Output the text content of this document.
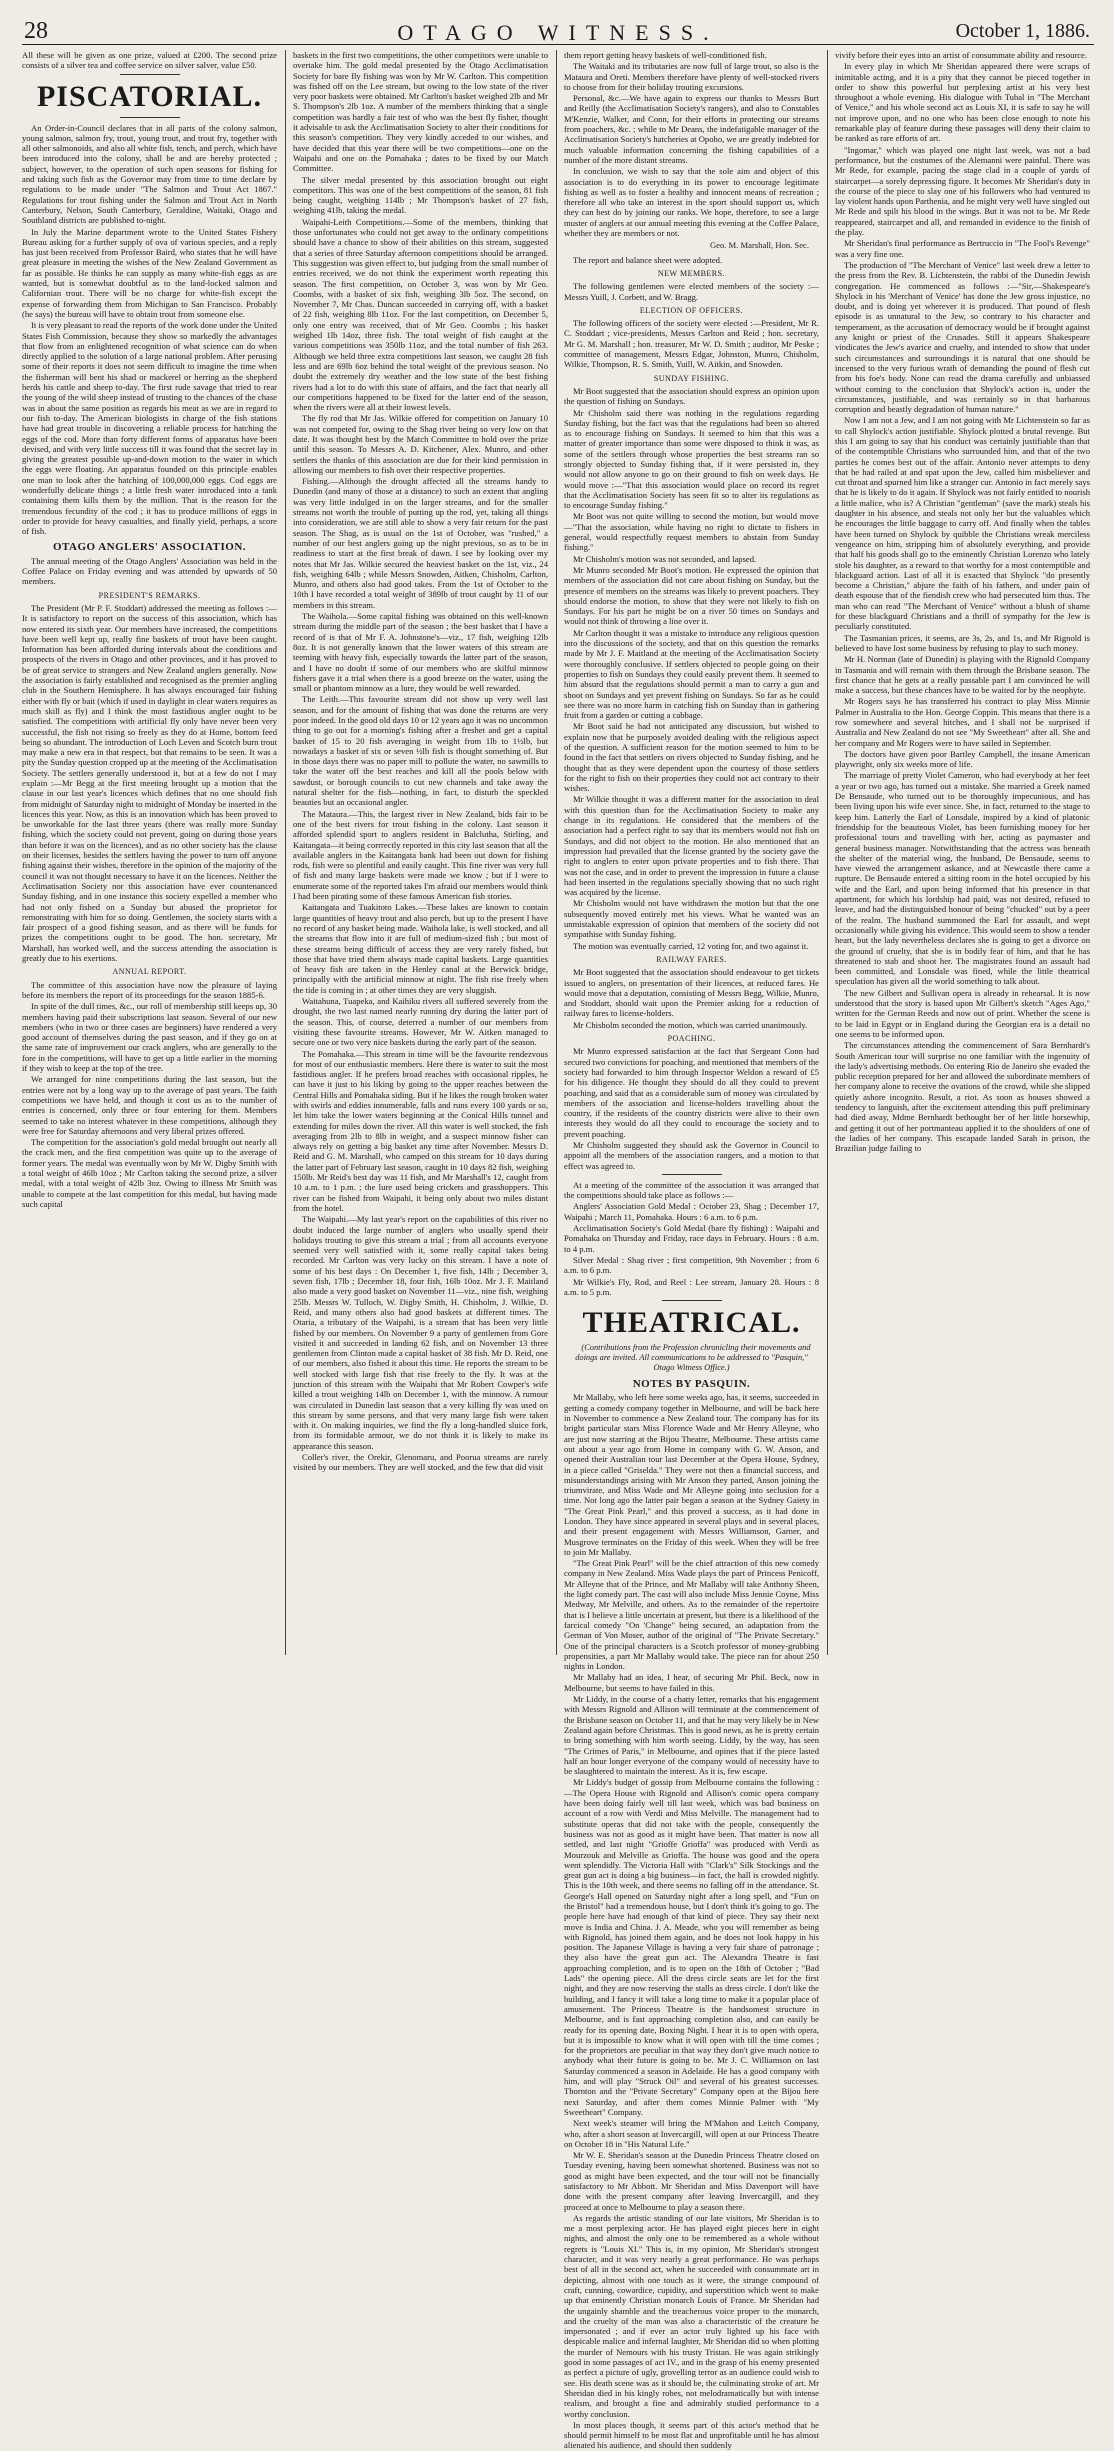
28	OTAGO WITNESS.	October 1, 1886.

All these will be given as one prize, valued at £200. The second prize consists of a silver tea and coffee service on silver salver, value £50.

PISCATORIAL.

An Order-in-Council declares that in all parts of the colony salmon, young salmon, salmon fry, trout, young trout, and trout fry, together with all other salmonoids, and also all white fish, tench, and perch, which have been introduced into the colony, shall be and are hereby protected ; subject, however, to the operation of such open seasons for fishing for and taking such fish as the Governor may from time to time declare by regulations to be made under "The Salmon and Trout Act 1867." Regulations for trout fishing under the Salmon and Trout Act in North Canterbury, Nelson, South Canterbury, Geraldine, Waitaki, Otago and Southland districts are published to-night.

In July the Marine department wrote to the United States Fishery Bureau asking for a further supply of ova of various species, and a reply has just been received from Professor Baird, who states that he will have great pleasure in meeting the wishes of the New Zealand Government as far as possible. He thinks he can supply as many white-fish eggs as are wanted, but is somewhat doubtful as to the land-locked salmon and Californian trout. There will be no charge for white-fish except the expense of forwarding them from Michigan to San Francisco. Probably (he says) the bureau will have to obtain trout from someone else.

It is very pleasant to read the reports of the work done under the United States Fish Commission, because they show so markedly the advantages that flow from an enlightened recognition of what science can do when directly applied to the solution of a large national problem. After perusing some of their reports it does not seem difficult to imagine the time when the fisherman will bent his shad or mackerel or herring as the shepherd herds his cattle and sheep to-day. The first rude savage that tried to rear the young of the wild sheep instead of trusting to the chances of the chase was in about the same position as regards his meat as we are in regard to our fish to-day. The American biologists in charge of the fish stations have had great trouble in discovering a reliable process for hatching the eggs of the cod. More than forty different forms of apparatus have been devised, and with very little success till it was found that the secret lay in giving the greatest possible up-and-down motion to the water in which the eggs were floating. An apparatus founded on this principle enables one man to look after the hatching of 100,000,000 eggs. Cod eggs are wonderfully delicate things ; a little fresh water introduced into a tank containing them kills them by the million. That is the reason for the tremendous fecundity of the cod ; it has to produce millions of eggs in order to provide for heavy casualties, and finally yield, perhaps, a score of fish.

OTAGO ANGLERS' ASSOCIATION.

The annual meeting of the Otago Anglers' Association was held in the Coffee Palace on Friday evening and was attended by upwards of 50 members.

PRESIDENT'S REMARKS.

The President (Mr P. F. Stoddart) addressed the meeting as follows :—It is satisfactory to report on the success of this association, which has now entered its sixth year. Our members have increased, the competitions have been well kept up, really fine baskets of trout have been caught. Information has been afforded during intervals about the conditions and prospects of the rivers in Otago and other provinces, and it has proved to be of great service to strangers and New Zealand anglers generally. Now the association is fairly established and recognised as the premier angling club in the Southern Hemisphere. It has always encouraged fair fishing either with fly or bait (which if used in daylight in clear waters requires as much skill as fly) and I think the most fastidious angler ought to be satisfied. The competitions with artificial fly only have never been very successful, the fish not rising so freely as they do at Home, bottom feed being so abundant. The introduction of Loch Leven and Scotch burn trout may make a new era in that respect, but that remains to be seen. It was a pity the Sunday question cropped up at the meeting of the Acclimatisation Society. The settlers generally understood it, but at a few do not I may explain :—Mr Begg at the first meeting brought up a motion that the clause in our last year's licences which defines that no one should fish from midnight of Saturday night to midnight of Monday be inserted in the licences this year. Now, as this is an innovation which has been proved to be unworkable for the last three years (there was really more Sunday fishing, which the society could not prevent, going on during those years than before it was on the licences), and as no other society has the clause on their licenses, besides the settlers having the power to turn off anyone fishing against their wishes, therefore in the opinion of the majority of the council it was not thought necessary to have it on the licences. Neither the Acclimatisation Society nor this association have ever countenanced Sunday fishing, and in one instance this society expelled a member who had not only fished on a Sunday but abused the proprietor for remonstrating with him for so doing. Gentlemen, the society starts with a fair prospect of a good fishing season, and as there will be funds for prizes the competitions ought to be good. The hon. secretary, Mr Marshall, has worked well, and the success attending the association is greatly due to his exertions.

ANNUAL REPORT.

The committee of this association have now the pleasure of laying before its members the report of its proceedings for the season 1885-6.

In spite of the dull times, &c., our roll of membership still keeps up, 30 members having paid their subscriptions last season. Several of our new members (who in two or three cases are beginners) have rendered a very good account of themselves during the past season, and if they go on at the same rate of improvement our crack anglers, who are generally to the fore in the competitions, will have to get up a little earlier in the morning if they wish to keep at the top of the tree.

We arranged for nine competitions during the last season, but the entries were not by a long way up to the average of past years. The faith competitions we have held, and though it cost us as to the number of entries is concerned, only three or four entering for them. Members seemed to take no interest whatever in these competitions, although they were free for Saturday afternoons and very liberal prizes offered.

The competition for the association's gold medal brought out nearly all the crack men, and the first competition was quite up to the average of former years. The medal was eventually won by Mr W. Digby Smith with a total weight of 46lb 10oz ; Mr Carlton taking the second prize, a silver medal, with a total weight of 42lb 3oz. Owing to illness Mr Smith was unable to compete at the last competition for this medal, but having made such capital

baskets in the first two competitions, the other competitors were unable to overtake him. The gold medal presented by the Otago Acclimatisation Society for bare fly fishing was won by Mr W. Carlton. This competition was fished off on the Lee stream, but owing to the low state of the river very poor baskets were obtained. Mr Carlton's basket weighed 2lb and Mr S. Thompson's 2lb 1oz. A number of the members thinking that a single competition was hardly a fair test of who was the best fly fisher, thought it advisable to ask the Acclimatisation Society to alter their conditions for this season's competition. They very kindly acceded to our wishes, and have decided that this year there will be two competitions—one on the Waipahi and one on the Pomahaka ; dates to be fixed by our Match Committee.

The silver medal presented by this association brought out eight competitors. This was one of the best competitions of the season, 81 fish being caught, weighing 114lb ; Mr Thompson's basket of 27 fish, weighing 41lb, taking the medal.

Waipahi-Leith Competitions.—Some of the members, thinking that those unfortunates who could not get away to the ordinary competitions should have a chance to show of their abilities on this stream, suggested that a series of three Saturday afternoon competitions should be arranged. This suggestion was given effect to, but judging from the small number of entries received, we do not think the experiment worth repeating this season. The first competition, on October 3, was won by Mr Geo. Coombs, with a basket of six fish, weighing 3lb 5oz. The second, on November 7, Mr Chas. Duncan succeeded in carrying off, with a basket of 22 fish, weighing 8lb 11oz. For the last competition, on December 5, only one entry was received, that of Mr Geo. Coombs ; his basket weighed 1lb 14oz, three fish. The total weight of fish caught at the various competitions was 350lb 11oz, and the total number of fish 263. Although we held three extra competitions last season, we caught 28 fish less and are 69lb 6oz behind the total weight of the previous season. No doubt the extremely dry weather and the low state of the best fishing rivers had a lot to do with this state of affairs, and the fact that nearly all our competitions happened to be fixed for the latter end of the season, when the rivers were all at their lowest levels.

The fly rod that Mr Jas. Wilkie offered for competition on January 10 was not competed for, owing to the Shag river being so very low on that date. It was thought best by the Match Committee to hold over the prize until this season. To Messrs A. D. Kitchener, Alex. Munro, and other settlers the thanks of this association are due for their kind permission in allowing our members to fish over their respective properties.

Fishing.—Although the drought affected all the streams handy to Dunedin (and many of those at a distance) to such an extent that angling was very little indulged in on the larger streams, and for the smaller streams not worth the trouble of putting up the rod, yet, taking all things into consideration, we are still able to show a very fair return for the past season. The Shag, as is usual on the 1st of October, was "rushed," a number of our best anglers going up the night previous, so as to be in readiness to start at the first break of dawn. I see by looking over my notes that Mr Jas. Wilkie secured the heaviest basket on the 1st, viz., 24 fish, weighing 64lb ; while Messrs Snowden, Aitken, Chisholm, Carlton, Munro, and others also had good takes. From the 1st of October to the 10th I have recorded a total weight of 389lb of trout caught by 11 of our members in this stream.

The Waihola.—Some capital fishing was obtained on this well-known stream during the middle part of the season ; the best basket that I have a record of is that of Mr F. A. Johnstone's—viz., 17 fish, weighing 12lb 8oz. It is not generally known that the lower waters of this stream are teeming with heavy fish, especially towards the latter part of the season, and I have no doubt if some of our members who are skilful minnow fishers gave it a trial when there is a good breeze on the water, using the small or phantom minnow as a lure, they would be well rewarded.

The Leith.—This favourite stream did not show up very well last season, and for the amount of fishing that was done the returns are very poor indeed. In the good old days 10 or 12 years ago it was no uncommon thing to go out for a morning's fishing after a freshet and get a capital basket of 15 to 20 fish averaging in weight from 1lb to 1½lb, but nowadays a basket of six or seven ½lb fish is thought something of. But in those days there was no paper mill to pollute the water, no sawmills to take the water off the best reaches and kill all the pools below with sawdust, or borough councils to cut new channels and take away the natural shelter for the fish—nothing, in fact, to disturb the speckled beauties but an occasional angler.

The Mataura.—This, the largest river in New Zealand, bids fair to be one of the best rivers for trout fishing in the colony. Last season it afforded splendid sport to anglers resident in Balclutha, Stirling, and Kaitangata—it being corrrectly reported in this city last season that all the available anglers in the Kaitangata bank had been out down for fishing rods, fish were so plentiful and easily caught. This fine river was very full of fish and many large baskets were made we know ; but if I were to enumerate some of the reported takes I'm afraid our members would think I had been pirating some of these famous American fish stories.

Kaitangata and Tuakitoto Lakes.—These lakes are known to contain large quantities of heavy trout and also perch, but up to the present I have no record of any basket being made. Waihola lake, is well stocked, and all the streams that flow into it are full of medium-sized fish ; but most of these streams being difficult of access they are very rarely fished, but those that have tried them always made capital baskets. Large quantities of heavy fish are taken in the Henley canal at the Berwick bridge, principally with the artificial minnow at night. The fish rise freely when the tide is coming in ; at other times they are very sluggish.

Waitahuna, Tuapeka, and Kaihiku rivers all suffered severely from the drought, the two last named nearly running dry during the latter part of the season. This, of course, deterred a number of our members from visiting these favourite streams. However, Mr W. Aitken managed to secure one or two very nice baskets during the early part of the season.

The Pomahaka.—This stream in time will be the favourite rendezvous for most of our enthusiastic members. Here there is water to suit the most fastidious angler. If he prefers broad reaches with occasional ripples, he can have it just to his liking by going to the upper reaches between the Central Hills and Pomahaka siding. But if he likes the rough broken water with swirls and eddies innumerable, falls and runs every 100 yards or so, let him take the lower waters beginning at the Conical Hills tunnel and extending for miles down the river. All this water is well stocked, the fish averaging from 2lb to 8lb in weight, and a suspect minnow fisher can always rely on getting a big basket any time after November. Messrs D. Reid and G. M. Marshall, who camped on this stream for 10 days during the latter part of February last season, caught in 10 days 82 fish, weighing 150lb. Mr Reid's best day was 11 fish, and Mr Marshall's 12, caught from 10 a.m. to 1 p.m. ; the lure used being crickets and grasshoppers. This river can be fished from Waipahi, it being only about two miles distant from the hotel.

The Waipahi.—My last year's report on the capabilities of this river no doubt induced the large number of anglers who usually spend their holidays trouting to give this stream a trial ; from all accounts everyone seemed very well satisfied with it, some really capital takes being recorded. Mr Carlton was very lucky on this stream. I have a note of some of his best days : On December 1, five fish, 14lb ; December 3, seven fish, 17lb ; December 18, four fish, 16lb 10oz. Mr J. F. Maitland also made a very good basket on November 11—viz., nine fish, weighing 25lb. Messrs W. Tulloch, W. Digby Smith, H. Chisholm, J. Wilkie, D. Reid, and many others also had good baskets at different times. The Otaria, a tributary of the Waipahi, is a stream that has been very little fished by our members. On November 9 a party of gentlemen from Gore visited it and succeeded in landing 62 fish, and on November 13 three gentlemen from Clinton made a capital basket of 38 fish. Mr D. Reid, one of our members, also fished it about this time. He reports the stream to be well stocked with large fish that rise freely to the fly. It was at the junction of this stream with the Waipahi that Mr Robert Cowper's wife killed a trout weighing 14lb on December 1, with the minnow. A rumour was circulated in Dunedin last season that a very killing fly was used on this stream by some persons, and that very many large fish were taken with it. On making inquiries, we find the fly a long-handled sluice fork, from its formidable armour, we do not think it is likely to make its appearance this season.

Coller's river, the Orekir, Glenomaru, and Poorua streams are rarely visited by our members. They are well stocked, and the few that did visit

them report getting heavy baskets of well-conditioned fish.

The Waitaki and its tributaries are now full of large trout, so also is the Mataura and Oreti. Members therefore have plenty of well-stocked rivers to choose from for their holiday trouting excursions.

Personal, &c.—We have again to express our thanks to Messrs Burt and Reilly (the Acclimatisation Society's rangers), and also to Constables M'Kenzie, Walker, and Conn, for their efforts in protecting our streams from poachers, &c. ; while to Mr Deans, the indefatigable manager of the Acclimatisation Society's hatcheries at Opoho, we are greatly indebted for much valuable information concerning the fishing capabilities of a number of the more distant streams.

In conclusion, we wish to say that the sole aim and object of this association is to do everything in its power to encourage legitimate fishing as well as to foster a healthy and innocent means of recreation ; therefore all who take an interest in the sport should support us, which they can best do by joining our ranks. We hope, therefore, to see a large muster of anglers at our annual meeting this evening at the Coffee Palace, whether they are members or not.

Geo. M. Marshall, Hon. Sec.

The report and balance sheet were adopted.

NEW MEMBERS.

The following gentlemen were elected members of the society :—Messrs Yuill, J. Corbett, and W. Bragg.

ELECTION OF OFFICERS.

The following officers of the society were elected :—President, Mr R. C. Stoddart ; vice-presidents, Messrs Carlton and Reid ; hon. secretary, Mr G. M. Marshall ; hon. treasurer, Mr W. D. Smith ; auditor, Mr Peske ; committee of management, Messrs Edgar, Johnston, Munro, Chisholm, Wilkie, Thompson, R. S. Smith, Yuill, W. Aitkin, and Snowden.

SUNDAY FISHING.

Mr Boot suggested that the association should express an opinion upon the question of fishing on Sundays.

Mr Chisholm said there was nothing in the regulations regarding Sunday fishing, but the fact was that the regulations had been so altered as to encourage fishing on Sundays. It seemed to him that this was a matter of greater importance than some were disposed to think it was, as some of the settlers through whose properties the best streams ran so strongly objected to Sunday fishing that, if it were persisted in, they would not allow anyone to go on their ground to fish on week days. He would move :—"That this association would place on record its regret that the Acclimatisation Society has seen fit so to alter its regulations as to encourage Sunday fishing."

Mr Boot was not quite willing to second the motion, but would move—"That the association, while having no right to dictate to fishers in general, would respectfully request members to abstain from Sunday fishing."

Mr Chisholm's motion was not seconded, and lapsed.

Mr Munro seconded Mr Boot's motion. He expressed the opinion that members of the association did not care about fishing on Sunday, but the presence of members on the streams was likely to prevent poachers. They should endorse the motion, to show that they were not likely to fish on Sundays. For his part he might be on a river 50 times on Sundays and would not think of throwing a line over it.

Mr Carlton thought it was a mistake to introduce any religious question into the discussions of the society, and that on this question the remarks made by Mr J. F. Maitland at the meeting of the Acclimatisation Society were thoroughly conclusive. If settlers objected to people going on their properties to fish on Sundays they could easily prevent them. It seemed to him absurd that the regulations should permit a man to carry a gun and shoot on Sundays and yet prevent fishing on Sundays. So far as he could see there was no more harm in catching fish on Sunday than in gathering fruit from a garden or cutting a cabbage.

Mr Boot said he had not anticipated any discussion, but wished to explain now that he purposely avoided dealing with the religious aspect of the question. A sufficient reason for the motion seemed to him to be found in the fact that settlers on rivers objected to Sunday fishing, and he thought that as they were dependent upon the courtesy of those settlers for the right to fish on their properties they could not act contrary to their wishes.

Mr Wilkie thought it was a different matter for the association to deal with this question than for the Acclimatisation Society to make any change in its regulations. He considered that the members of the association had a perfect right to say that its members would not fish on Sundays, and did not object to the motion. He also mentioned that an impression had prevailed that the license granted by the society gave the right to anglers to enter upon private properties and to fish there. That was not the case, and in order to prevent the impression in future a clause had been inserted in the regulations specially showing that no such right was acquired by the license.

Mr Chisholm would not have withdrawn the motion but that the one subsequently moved entirely met his views. What he wanted was an unmistakable expression of opinion that members of the society did not sympathise with Sunday fishing.

The motion was eventually carried, 12 voting for, and two against it.

RAILWAY FARES.

Mr Boot suggested that the association should endeavour to get tickets issued to anglers, on presentation of their licences, at reduced fares. He would move that a deputation, consisting of Messrs Begg, Wilkie, Munro, and Stoddart, should wait upon the Premier asking for a reduction of railway fares to license-holders.

Mr Chisholm seconded the motion, which was carried unanimously.

POACHING.

Mr Munro expressed satisfaction at the fact that Sergeant Conn had secured two convictions for poaching, and mentioned that members of the society had forwarded to him through Inspector Weldon a reward of £5 for his diligence. He thought they should do all they could to prevent poaching, and said that as a considerable sum of money was circulated by members of the association and license-holders travelling about the country, if the residents of the country districts were alive to their own interests they would do all they could to encourage the society and to prevent poaching.

Mr Chisholm suggested they should ask the Governor in Council to appoint all the members of the association rangers, and a motion to that effect was agreed to.

At a meeting of the committee of the association it was arranged that the competitions should take place as follows :—

Anglers' Association Gold Medal : October 23, Shag ; December 17, Waipahi ; March 11, Pomahaka. Hours : 6 a.m. to 6 p.m.

Acclimatisation Society's Gold Medal (bare fly fishing) : Waipahi and Pomahaka on Thursday and Friday, race days in February. Hours : 8 a.m. to 4 p.m.

Silver Medal : Shag river ; first competition, 9th November ; from 6 a.m. to 6 p.m.

Mr Wilkie's Fly, Rod, and Reel : Lee stream, January 28. Hours : 8 a.m. to 5 p.m.

THEATRICAL.

(Contributions from the Profession chronicling their movements and doings are invited. All communications to be addressed to "Pasquin," Otago Witness Office.)

NOTES BY PASQUIN.

Mr Mallaby, who left here some weeks ago, has, it seems, succeeded in getting a comedy company together in Melbourne, and will be back here in November to commence a New Zealand tour. The company has for its bright particular stars Miss Florence Wade and Mr Henry Alleyne, who are just now starring at the Bijou Theatre, Melbourne. These artists came out about a year ago from Home in company with G. W. Anson, and opened their Australian tour last December at the Opera House, Sydney, in a piece called "Griselda." They were not then a financial success, and misunderstandings arising with Mr Anson they parted, Anson joining the triumvirate, and Miss Wade and Mr Alleyne going into seclusion for a time. Not long ago the latter pair began a season at the Sydney Gaiety in "The Great Pink Pearl," and this proved a success, as it had done in London. They have since appeared in several plays and in several places, and their present engagement with Messrs Williamson, Garner, and Musgrove terminates on the Friday of this week. When they will be free to join Mr Mallaby.

"The Great Pink Pearl" will be the chief attraction of this new comedy company in New Zealand. Miss Wade plays the part of Princess Penicoff, Mr Alleyne that of the Prince, and Mr Mallaby will take Anthony Sheen, the light comedy part. The cast will also include Miss Jennie Coyne, Miss Medway, Mr Melville, and others. As to the remainder of the repertoire that is I believe a little uncertain at present, but there is a likelihood of the farcical comedy "On 'Change" being secured, an adaptation from the German of Von Moser, author of the original of "The Private Secretary." One of the principal characters is a Scotch professor of money-grubbing propensities, a part Mr Mallaby would take. The piece ran for about 250 nights in London.

Mr Mallaby had an idea, I hear, of securing Mr Phil. Beck, now in Melbourne, but seems to have failed in this.

Mr Liddy, in the course of a chatty letter, remarks that his engagement with Messrs Rignold and Allison will terminate at the commencement of the Brisbane season on October 11, and that he may very likely be in New Zealand again before Christmas. This is good news, as he is pretty certain to bring something with him worth seeing. Liddy, by the way, has seen "The Crimes of Paris," in Melbourne, and opines that if the piece lasted half an hour longer everyone of the company would of necessity have to be slaughtered to maintain the interest. As it is, few escape.

Mr Liddy's budget of gossip from Melbourne contains the following :—The Opera House with Rignold and Allison's comic opera company have been doing fairly well till last week, which was bad business on account of a row with Verdi and Miss Melville. The management had to substitute operas that did not take with the people, consequently the business was not as good as it might have been. That matter is now all settled, and last night "Grioffe Grioffa" was produced with Verdi as Mourzouk and Melville as Grioffa. The house was good and the opera went splendidly. The Victoria Hall with "Clark's" Silk Stockings and the great gun act is doing a big business—in fact, the hall is crowded nightly. This is the 10th week, and there seems no falling off in the attendance. St. George's Hall opened on Saturday night after a long spell, and "Fun on the Bristol" had a tremendous house, but I don't think it's going to go. The people here have had enough of that kind of piece. They say their next move is India and China. J. A. Meade, who you will remember as being with Rignold, has joined them again, and he does not look happy in his position. The Japanese Village is having a very fair share of patronage ; they also have the great gun act. The Alexandra Theatre is fast approaching completion, and is to open on the 18th of October ; "Bad Lads" the opening piece. All the dress circle seats are let for the first night, and they are now reserving the stalls as dress circle. I don't like the building, and I fancy it will take a long time to make it a popular place of amusement. The Princess Theatre is the handsomest structure in Melbourne, and is fast approaching completion also, and can easily be ready for its opening date, Boxing Night. I hear it is to open with opera, but it is impossible to know what it will open with till the time comes ; for the proprietors are peculiar in that way they don't give much notice to anybody what their future is going to be. Mr J. C. Williamson on last Saturday commenced a season in Adelaide. He has a good company with him, and will play "Struck Oil" and several of his greatest successes. Thornton and the "Private Secretary" Company open at the Bijou here next Saturday, and after them comes Minnie Palmer with "My Sweetheart" Company.

Next week's steamer will bring the M'Mahon and Leitch Company, who, after a short season at Invercargill, will open at our Princess Theatre on October 18 in "His Natural Life."

Mr W. E. Sheridan's season at the Dunedin Princess Theatre closed on Tuesday evening, having been somewhat shortened. Business was not so good as might have been expected, and the tour will not be financially satisfactory to Mr Abbott. Mr Sheridan and Miss Davenport will have done with the present company after leaving Invercargill, and they proceed at once to Melbourne to play a season there.

As regards the artistic standing of our late visitors, Mr Sheridan is to me a most perplexing actor. He has played eight pieces here in eight nights, and almost the only one to be remembered as a whole without regrets is "Louis XI." This is, in my opinion, Mr Sheridan's strongest character, and it was very nearly a great performance. He was perhaps best of all in the second act, when he succeeded with consummate art in depicting, almost with one touch as it were, the strange compound of craft, cunning, cowardice, cupidity, and superstition which went to make up that eminently Christian monarch Louis of France. Mr Sheridan had the ungainly shamble and the treacherous voice proper to the monarch, and the cruelty of the man was also a characteristic of the creature he impersonated ; and if ever an actor truly lighted up his face with despicable malice and infernal laughter, Mr Sheridan did so when plotting the murder of Nemours with his trusty Tristan. He was again strikingly good in some passages of act IV., and in the grasp of his enemy presented as perfect a picture of ugly, grovelling terror as an audience could wish to see. His death scene was as it should be, the culminating stroke of art. Mr Sheridan died in his kingly robes, not melodramatically but with intense realism, and brought a fine and admirably studied performance to a worthy conclusion.

In most places though, it seems part of this actor's method that he should permit himself to be most flat and unprofitable until he has almost alienated his audience, and should then suddenly

vivify before their eyes into an artist of consummate ability and resource.

In every play in which Mr Sheridan appeared there were scraps of inimitable acting, and it is a pity that they cannot be pieced together in order to show this powerful but perplexing artist at his very best throughout a whole evening. His dialogue with Tubal in "The Merchant of Venice," and his whole second act as Louis XI, it is safe to say he will not improve upon, and no one who has been close enough to note his remarkable play of feature during these passages will deny their claim to be ranked as rare efforts of art.

"Ingomar," which was played one night last week, was not a bad performance, but the costumes of the Alemanni were painful. There was Mr Rede, for example, pacing the stage clad in a couple of yards of staircarpet—a sorely depressing figure. It becomes Mr Sheridan's duty in the course of the piece to slay one of his followers who had ventured to lay violent hands upon Parthenia, and he might very well have singled out Mr Rede and spilt his blood in the wings. But it was not to be. Mr Rede reappeared, staircarpet and all, and remanded in evidence to the finish of the play.

Mr Sheridan's final performance as Bertruccio in "The Fool's Revenge" was a very fine one.

The production of "The Merchant of Venice" last week drew a letter to the press from the Rev. B. Lichtenstein, the rabbi of the Dunedin Jewish congregation. He commenced as follows :—"Sir,—Shakespeare's Shylock in his 'Merchant of Venice' has done the Jew gross injustice, no doubt, and is doing yet wherever it is produced. That pound of flesh episode is as unnatural to the Jew, so contrary to his character and temperament, as the accusation of democracy would be if brought against any knight or priest of the Crusades. Still it appears Shakespeare vindicates the Jew's avarice and cruelty, and intended to show that under such circumstances and surroundings it is natural that one should be incensed to the very furious wrath of demanding the pound of flesh cut from his foe's body. None can read the drama carefully and unbiassed without coming to the conclusion that Shylock's action is, under the circumstances, justifiable, and was certainly so in that barbarous corruption and beastly degradation of human nature."

Now I am not a Jew, and I am not going with Mr Lichtenstein so far as to call Shylock's action justifiable. Shylock plotted a brutal revenge. But this I am going to say that his conduct was certainly justifiable than that of the contemptible Christians who surrounded him, and that of the two parties he comes best out of the affair. Antonio never attempts to deny that he had railed at and spat upon the Jew, called him misbeliever and cut throat and spurned him like a stranger cur. Antonio in fact merely says that he is likely to do it again. If Shylock was not fairly entitled to nourish a little malice, who is? A Christian "gentleman" (save the mark) steals his daughter in his absence, and steals not only her but the valuables which he encourages the little baggage to carry off. And finally when the tables have been turned on Shylock by quibble the Christians wreak merciless vengeance on him, stripping him of absolutely everything, and provide that half his goods shall go to the eminently Christian Lorenzo who lately stole his daughter, as a reward to that worthy for a most contemptible and blackguard action. Last of all it is exacted that Shylock "do presently become a Christian," abjure the faith of his fathers, and under pain of death espouse that of the fiendish crew who had persecuted him thus. The man who can read "The Merchant of Venice" without a blush of shame for these blackguard Christians and a thrill of sympathy for the Jew is peculiarly constituted.

The Tasmanian prices, it seems, are 3s, 2s, and 1s, and Mr Rignold is believed to have lost some business by refusing to play to such money.

Mr H. Norman (late of Dunedin) is playing with the Rignold Company in Tasmania and will remain with them through the Brisbane season. The first chance that he gets at a really passable part I am convinced he will make a success, but these chances have to be waited for by the neophyte.

Mr Rogers says he has transferred his contract to play Miss Minnie Palmer in Australia to the Hon. George Coppin. This means that there is a row somewhere and several hitches, and I shall not be surprised if Australia and New Zealand do not see "My Sweetheart" after all. She and her company and Mr Rogers were to have sailed in September.

The doctors have given poor Bartley Campbell, the insane American playwright, only six weeks more of life.

The marriage of pretty Violet Cameron, who had everybody at her feet a year or two ago, has turned out a mistake. She married a Greek named De Bensaude, who turned out to be thoroughly impecunious, and has been living upon his wife ever since. She, in fact, returned to the stage to keep him. Latterly the Earl of Lonsdale, inspired by a kind of platonic friendship for the beauteous Violet, has been furnishing money for her professional tours and travelling with her, acting as paymaster and general business manager. Notwithstanding that the actress was beneath the shelter of the material wing, the husband, De Bensaude, seems to have viewed the arrangement askance, and at Newcastle there came a rupture. De Bensaude entered a sitting room in the hotel occupied by his wife and the Earl, and upon being informed that his presence in that apartment, for which his lordship had paid, was not desired, refused to leave, and had the distinguished honour of being "chucked" out by a peer of the realm. The husband summoned the Earl for assault, and wept occasionally while giving his evidence. This would seem to show a tender heart, but the lady nevertheless declares she is going to get a divorce on the ground of cruelty, that she is in bodily fear of him, and that he has threatened to stab and shoot her. The magistrates found an assault had been committed, and Lonsdale was fined, while the little theatrical speculation has given all the world something to talk about.

The new Gilbert and Sullivan opera is already in rehearsal. It is now understood that the story is based upon Mr Gilbert's sketch "Ages Ago," written for the German Reeds and now out of print. Whether the scene is to be laid in Egypt or in England during the Georgian era is a detail no one seems to be informed upon.

The circumstances attending the commencement of Sara Bernhardt's South American tour will surprise no one familiar with the ingenuity of the lady's advertising methods. On entering Rio de Janeiro she evaded the public reception prepared for her and allowed the subordinate members of her company alone to receive the ovations of the crowd, while she slipped quietly ashore incognito. Result, a riot. As soon as houses showed a tendency to languish, after the excitement attending this puff preliminary had died away, Mdme Bernhardt bethought her of her little horsewhip, and getting it out of her portmanteau applied it to the shoulders of one of the ladies of her company. This escapade landed Sarah in prison, the Brazilian judge failing to
